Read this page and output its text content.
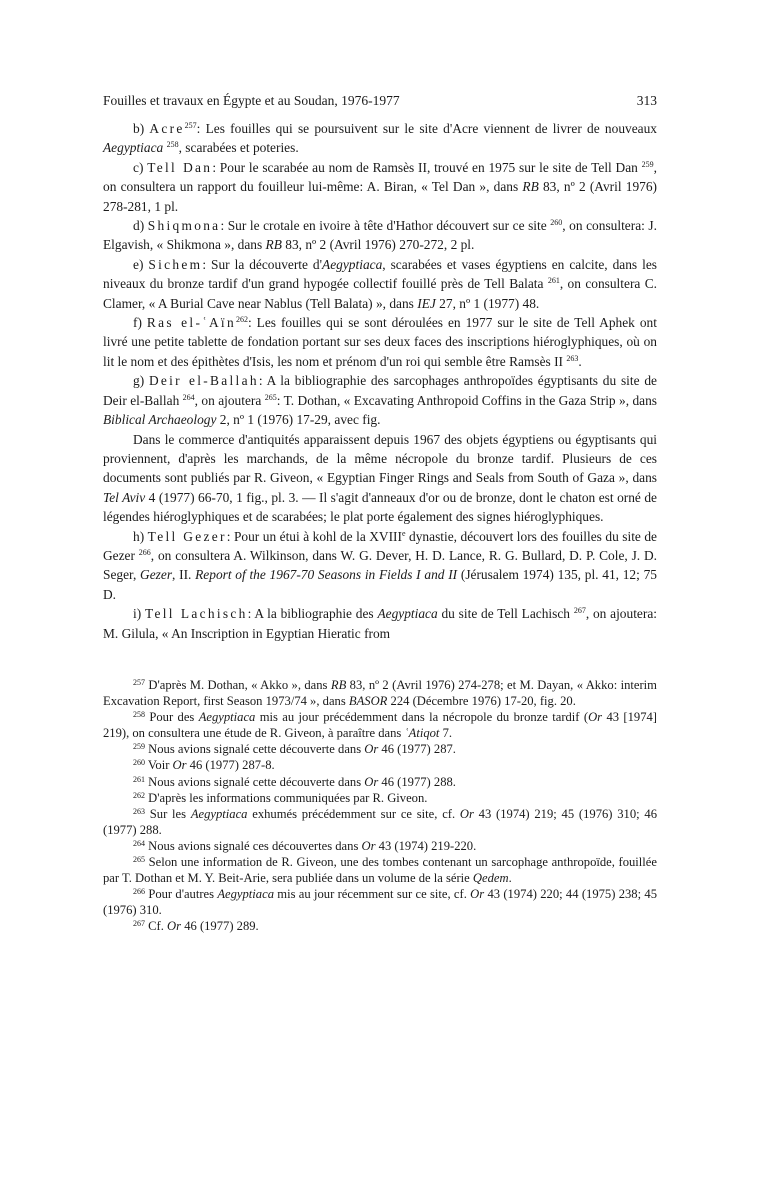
Fouilles et travaux en Égypte et au Soudan, 1976-1977	313

b) Acre$^{257}$: Les fouilles qui se poursuivent sur le site d'Acre viennent de livrer de nouveaux Aegyptiaca $^{258}$, scarabées et poteries.

c) Tell Dan: Pour le scarabée au nom de Ramsès II, trouvé en 1975 sur le site de Tell Dan $^{259}$, on consultera un rapport du fouilleur lui-même: A. Biran, « Tel Dan », dans RB 83, nº 2 (Avril 1976) 278-281, 1 pl.

d) Shiqmona: Sur le crotale en ivoire à tête d'Hathor découvert sur ce site $^{260}$, on consultera: J. Elgavish, « Shikmona », dans RB 83, nº 2 (Avril 1976) 270-272, 2 pl.

e) Sichem: Sur la découverte d'Aegyptiaca, scarabées et vases égyptiens en calcite, dans les niveaux du bronze tardif d'un grand hypogée collectif fouillé près de Tell Balata $^{261}$, on consultera C. Clamer, « A Burial Cave near Nablus (Tell Balata) », dans IEJ 27, nº 1 (1977) 48.

f) Ras el-ʿAïn$^{262}$: Les fouilles qui se sont déroulées en 1977 sur le site de Tell Aphek ont livré une petite tablette de fondation portant sur ses deux faces des inscriptions hiéroglyphiques, où on lit le nom et des épithètes d'Isis, les nom et prénom d'un roi qui semble être Ramsès II $^{263}$.

g) Deir el-Ballah: A la bibliographie des sarcophages anthropoïdes égyptisants du site de Deir el-Ballah $^{264}$, on ajoutera $^{265}$: T. Dothan, « Excavating Anthropoid Coffins in the Gaza Strip », dans Biblical Archaeology 2, nº 1 (1976) 17-29, avec fig.

Dans le commerce d'antiquités apparaissent depuis 1967 des objets égyptiens ou égyptisants qui proviennent, d'après les marchands, de la même nécropole du bronze tardif. Plusieurs de ces documents sont publiés par R. Giveon, « Egyptian Finger Rings and Seals from South of Gaza », dans Tel Aviv 4 (1977) 66-70, 1 fig., pl. 3. — Il s'agit d'anneaux d'or ou de bronze, dont le chaton est orné de légendes hiéroglyphiques et de scarabées; le plat porte également des signes hiéroglyphiques.

h) Tell Gezer: Pour un étui à kohl de la XVIIIe dynastie, découvert lors des fouilles du site de Gezer $^{266}$, on consultera A. Wilkinson, dans W. G. Dever, H. D. Lance, R. G. Bullard, D. P. Cole, J. D. Seger, Gezer, II. Report of the 1967-70 Seasons in Fields I and II (Jérusalem 1974) 135, pl. 41, 12; 75 D.

i) Tell Lachisch: A la bibliographie des Aegyptiaca du site de Tell Lachisch $^{267}$, on ajoutera: M. Gilula, « An Inscription in Egyptian Hieratic from

$^{257}$ D'après M. Dothan, « Akko », dans RB 83, nº 2 (Avril 1976) 274-278; et M. Dayan, « Akko: interim Excavation Report, first Season 1973/74 », dans BASOR 224 (Décembre 1976) 17-20, fig. 20.

$^{258}$ Pour des Aegyptiaca mis au jour précédemment dans la nécropole du bronze tardif (Or 43 [1974] 219), on consultera une étude de R. Giveon, à paraître dans ʿAtiqot 7.

$^{259}$ Nous avions signalé cette découverte dans Or 46 (1977) 287.

$^{260}$ Voir Or 46 (1977) 287-8.

$^{261}$ Nous avions signalé cette découverte dans Or 46 (1977) 288.

$^{262}$ D'après les informations communiquées par R. Giveon.

$^{263}$ Sur les Aegyptiaca exhumés précédemment sur ce site, cf. Or 43 (1974) 219; 45 (1976) 310; 46 (1977) 288.

$^{264}$ Nous avions signalé ces découvertes dans Or 43 (1974) 219-220.

$^{265}$ Selon une information de R. Giveon, une des tombes contenant un sarcophage anthropoïde, fouillée par T. Dothan et M. Y. Beit-Arie, sera publiée dans un volume de la série Qedem.

$^{266}$ Pour d'autres Aegyptiaca mis au jour récemment sur ce site, cf. Or 43 (1974) 220; 44 (1975) 238; 45 (1976) 310.

$^{267}$ Cf. Or 46 (1977) 289.
